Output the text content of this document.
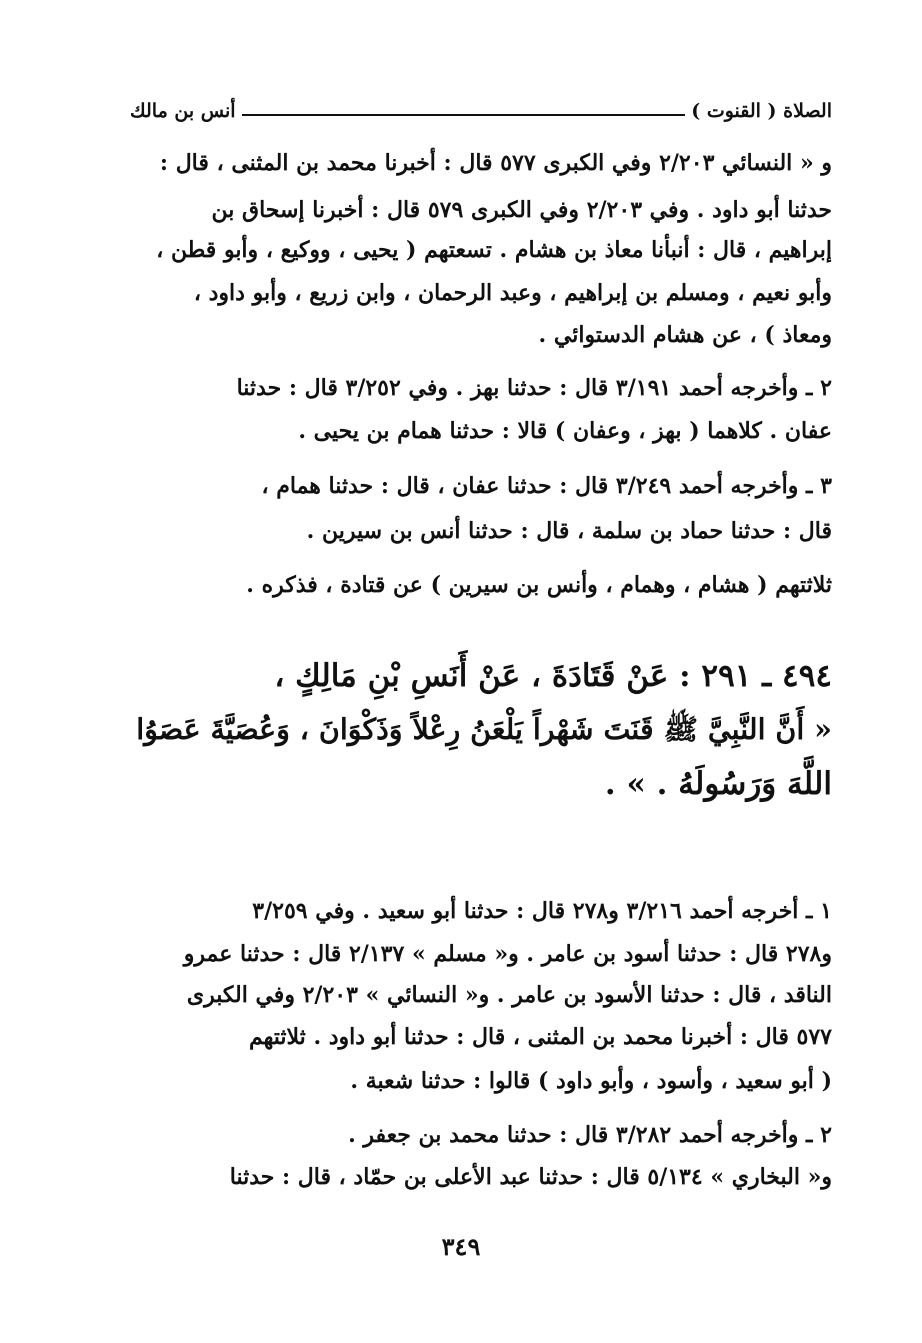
الصلاة ( القنوت )
أنس بن مالك
و « النسائي ٢/٢٠٣ وفي الكبرى ٥٧٧ قال : أخبرنا محمد بن المثنى ، قال :
حدثنا أبو داود . وفي ٢/٢٠٣ وفي الكبرى ٥٧٩ قال : أخبرنا إسحاق بن
إبراهيم ، قال : أنبأنا معاذ بن هشام . تسعتهم ( يحيى ، ووكيع ، وأبو قطن ،
وأبو نعيم ، ومسلم بن إبراهيم ، وعبد الرحمان ، وابن زريع ، وأبو داود ،
ومعاذ ) ، عن هشام الدستوائي .
٢ ـ وأخرجه أحمد ٣/١٩١ قال : حدثنا بهز . وفي ٣/٢٥٢ قال : حدثنا
عفان . كلاهما ( بهز ، وعفان ) قالا : حدثنا همام بن يحيى .
٣ ـ وأخرجه أحمد ٣/٢٤٩ قال : حدثنا عفان ، قال : حدثنا همام ،
قال : حدثنا حماد بن سلمة ، قال : حدثنا أنس بن سيرين .
ثلاثتهم ( هشام ، وهمام ، وأنس بن سيرين ) عن قتادة ، فذكره .
٤٩٤ ـ ٢٩١ : عَنْ قَتَادَةَ ، عَنْ أَنَسِ بْنِ مَالِكٍ ،
« أَنَّ النَّبِيَّ ﷺ قَنَتَ شَهْراً يَلْعَنُ رِعْلاً وَذَكْوَانَ ، وَعُصَيَّةَ عَصَوُا
اللَّهَ وَرَسُولَهُ . » .
١ ـ أخرجه أحمد ٣/٢١٦ و٢٧٨ قال : حدثنا أبو سعيد . وفي ٣/٢٥٩
و٢٧٨ قال : حدثنا أسود بن عامر . و« مسلم » ٢/١٣٧ قال : حدثنا عمرو
الناقد ، قال : حدثنا الأسود بن عامر . و« النسائي » ٢/٢٠٣ وفي الكبرى
٥٧٧ قال : أخبرنا محمد بن المثنى ، قال : حدثنا أبو داود . ثلاثتهم
( أبو سعيد ، وأسود ، وأبو داود ) قالوا : حدثنا شعبة .
٢ ـ وأخرجه أحمد ٣/٢٨٢ قال : حدثنا محمد بن جعفر .
و« البخاري » ٥/١٣٤ قال : حدثنا عبد الأعلى بن حمّاد ، قال : حدثنا
٣٤٩
